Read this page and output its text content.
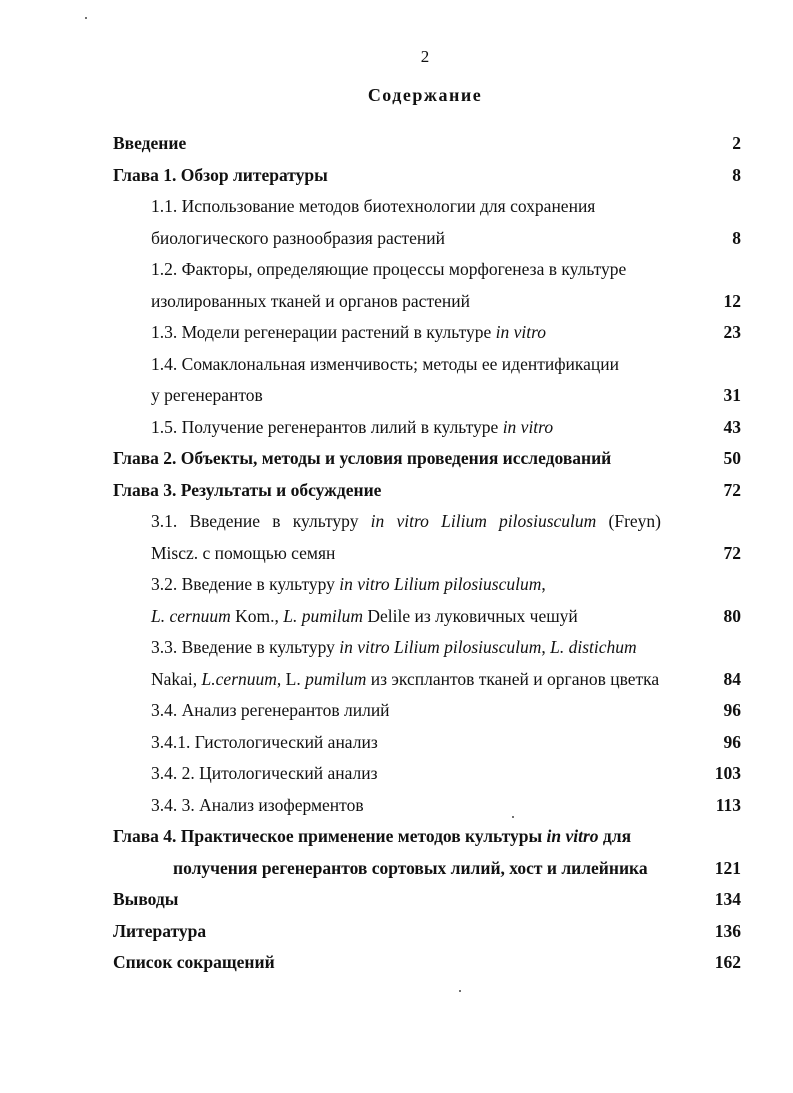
2
Содержание
Введение	2
Глава 1. Обзор литературы	8
1.1. Использование методов биотехнологии для сохранения
биологического разнообразия растений	8
1.2. Факторы, определяющие процессы морфогенеза в культуре
изолированных тканей и органов растений	12
1.3. Модели регенерации растений в культуре in vitro	23
1.4. Сомаклональная изменчивость; методы ее идентификации
у регенерантов	31
1.5. Получение регенерантов лилий в культуре in vitro	43
Глава 2. Объекты, методы и условия проведения исследований	50
Глава 3. Результаты и обсуждение	72
3.1. Введение в культуру in vitro Lilium pilosiusculum (Freyn)
Miscz. с помощью семян	72
3.2. Введение в культуру in vitro Lilium pilosiusculum,
L. cernuum Kom., L. pumilum Delile из луковичных чешуй	80
3.3. Введение в культуру in vitro Lilium pilosiusculum, L. distichum
Nakai, L.cernuum, L. pumilum из эксплантов тканей и органов цветка	84
3.4. Анализ регенерантов лилий	96
3.4.1. Гистологический анализ	96
3.4. 2. Цитологический анализ	103
3.4. 3. Анализ изоферментов	113
Глава 4. Практическое применение методов культуры in vitro для
получения регенерантов сортовых лилий, хост и лилейника	121
Выводы	134
Литература	136
Список сокращений	162
